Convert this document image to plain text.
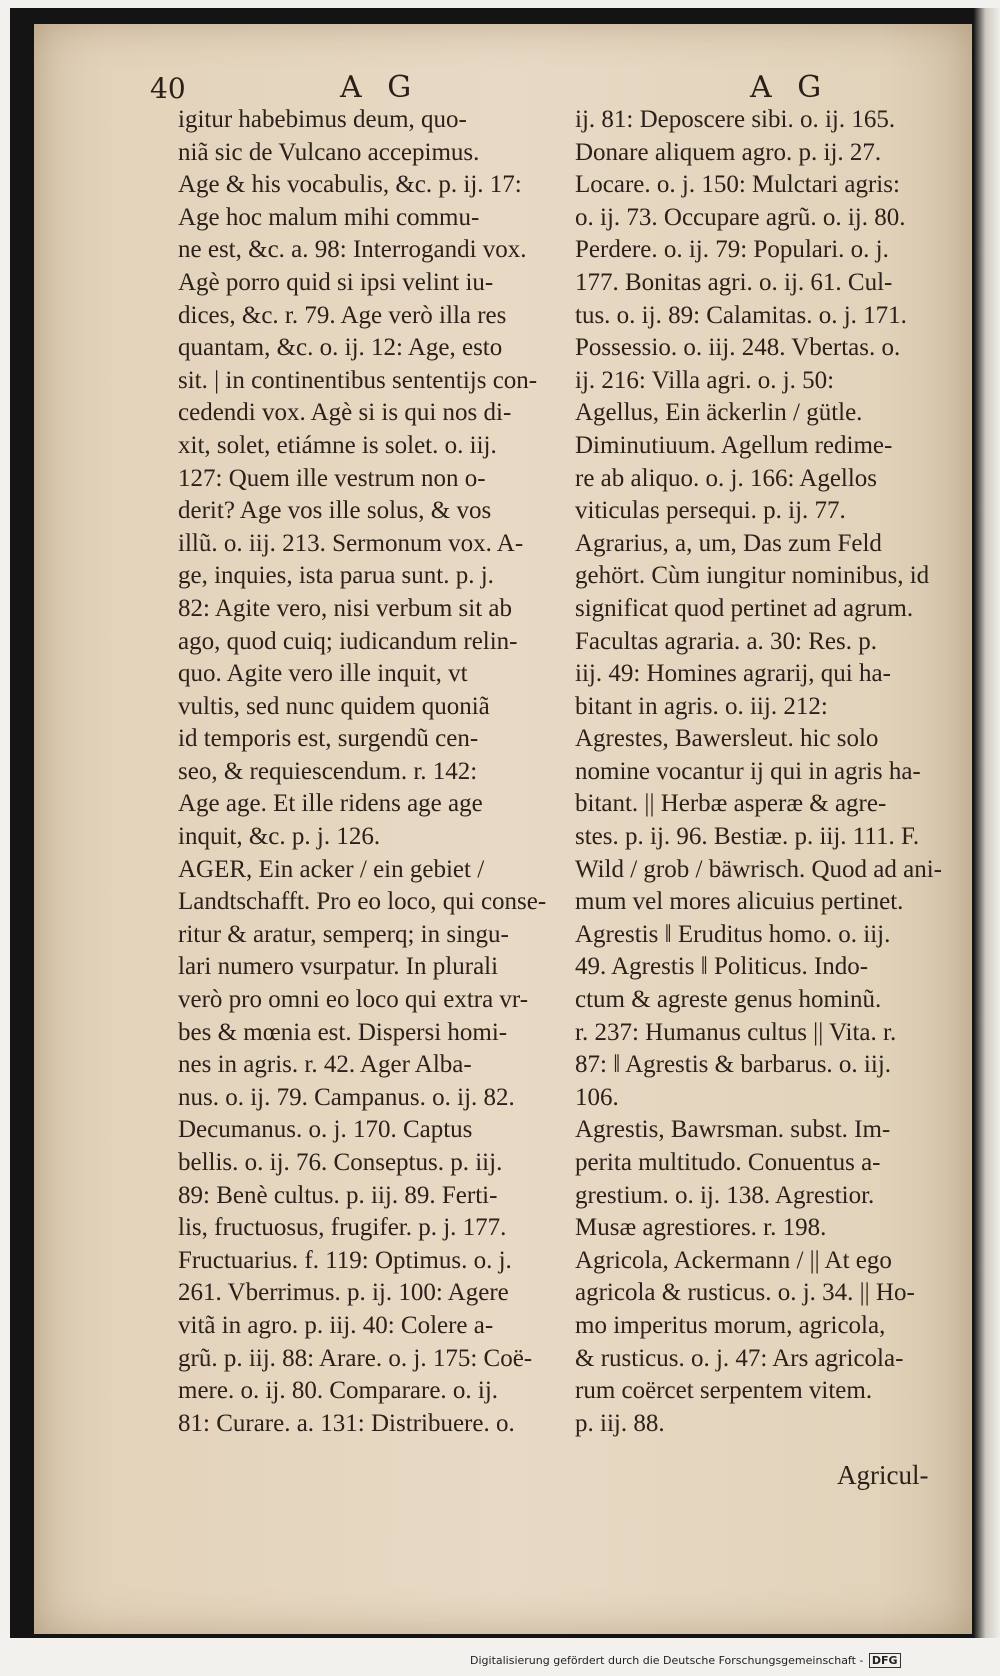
40	A G	A G
igitur habebimus deum, quo-
niã sic de Vulcano accepimus.
Age & his vocabulis, &c. p. ij. 17:
Age hoc malum mihi commu-
ne est, &c. a. 98: Interrogandi vox.
Agè porro quid si ipsi velint iu-
dices, &c. r. 79. Age verò illa res
quantam, &c. o. ij. 12: Age, esto
sit. | in continentibus sententijs con-
cedendi vox. Agè si is qui nos di-
xit, solet, etiámne is solet. o. iij.
127: Quem ille vestrum non o-
derit? Age vos ille solus, & vos
illũ. o. iij. 213. Sermonum vox. A-
ge, inquies, ista parua sunt. p. j.
82: Agite vero, nisi verbum sit ab
ago, quod cuiq; iudicandum relin-
quo. Agite vero ille inquit, vt
vultis, sed nunc quidem quoniã
id temporis est, surgendũ cen-
seo, & requiescendum. r. 142:
Age age. Et ille ridens age age
inquit, &c. p. j. 126.
AGER, Ein acker / ein gebiet /
Landtschafft. Pro eo loco, qui conse-
ritur & aratur, semperq; in singu-
lari numero vsurpatur. In plurali
verò pro omni eo loco qui extra vr-
bes & mœnia est. Dispersi homi-
nes in agris. r. 42. Ager Alba-
nus. o. ij. 79. Campanus. o. ij. 82.
Decumanus. o. j. 170. Captus
bellis. o. ij. 76. Conseptus. p. iij.
89: Benè cultus. p. iij. 89. Ferti-
lis, fructuosus, frugifer. p. j. 177.
Fructuarius. f. 119: Optimus. o. j.
261. Vberrimus. p. ij. 100: Agere
vitã in agro. p. iij. 40: Colere a-
grũ. p. iij. 88: Arare. o. j. 175: Coë-
mere. o. ij. 80. Comparare. o. ij.
81: Curare. a. 131: Distribuere. o.
ij. 81: Deposcere sibi. o. ij. 165.
Donare aliquem agro. p. ij. 27.
Locare. o. j. 150: Mulctari agris:
o. ij. 73. Occupare agrũ. o. ij. 80.
Perdere. o. ij. 79: Populari. o. j.
177. Bonitas agri. o. ij. 61. Cul-
tus. o. ij. 89: Calamitas. o. j. 171.
Possessio. o. iij. 248. Vbertas. o.
ij. 216: Villa agri. o. j. 50:
Agellus, Ein äckerlin / gütle.
Diminutiuum. Agellum redime-
re ab aliquo. o. j. 166: Agellos
viticulas persequi. p. ij. 77.
Agrarius, a, um, Das zum Feld
gehört. Cùm iungitur nominibus, id
significat quod pertinet ad agrum.
Facultas agraria. a. 30: Res. p.
iij. 49: Homines agrarij, qui ha-
bitant in agris. o. iij. 212:
Agrestes, Bawersleut. hic solo
nomine vocantur ij qui in agris ha-
bitant. || Herbæ asperæ & agre-
stes. p. ij. 96. Bestiæ. p. iij. 111. F.
Wild / grob / bäwrisch. Quod ad ani-
mum vel mores alicuius pertinet.
Agrestis ‖ Eruditus homo. o. iij.
49. Agrestis ‖ Politicus. Indo-
ctum & agreste genus hominũ.
r. 237: Humanus cultus || Vita. r.
87: ‖ Agrestis & barbarus. o. iij.
106.
Agrestis, Bawrsman. subst. Im-
perita multitudo. Conuentus a-
grestium. o. ij. 138. Agrestior.
Musæ agrestiores. r. 198.
Agricola, Ackermann / || At ego
agricola & rusticus. o. j. 34. || Ho-
mo imperitus morum, agricola,
& rusticus. o. j. 47: Ars agricola-
rum coërcet serpentem vitem.
p. iij. 88.
Agricul-
Digitalisierung gefördert durch die Deutsche Forschungsgemeinschaft - DFG
